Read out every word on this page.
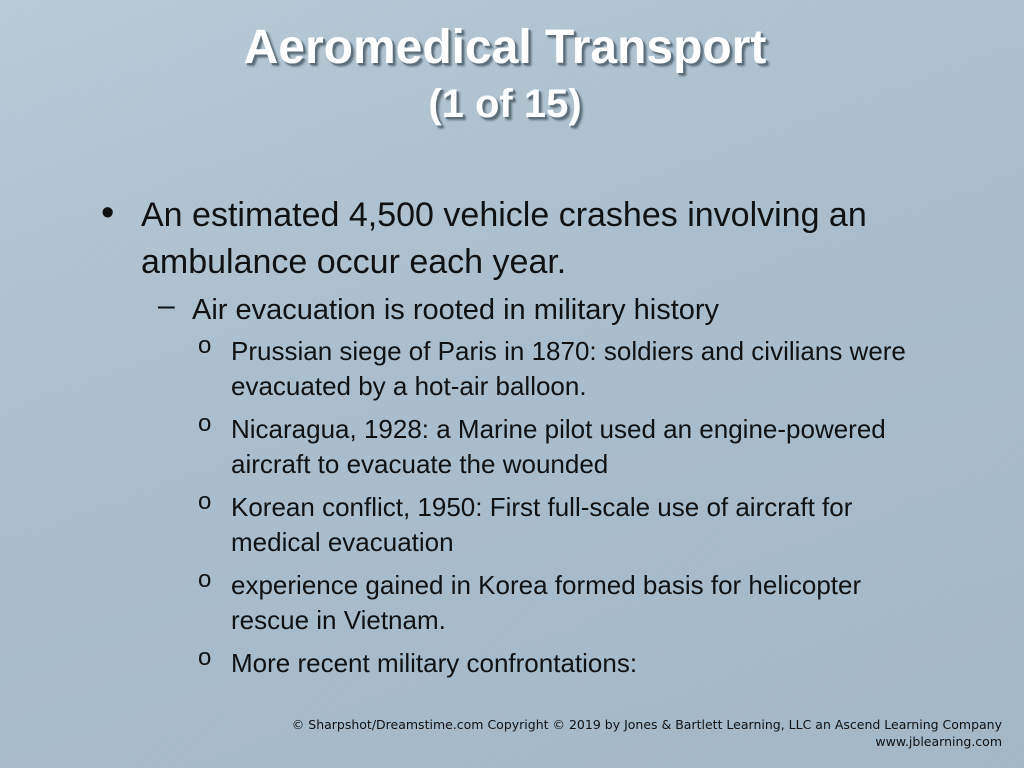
Aeromedical Transport
(1 of 15)
• An estimated 4,500 vehicle crashes involving an ambulance occur each year.
– Air evacuation is rooted in military history
o Prussian siege of Paris in 1870: soldiers and civilians were evacuated by a hot-air balloon.
o Nicaragua, 1928: a Marine pilot used an engine-powered aircraft to evacuate the wounded
o Korean conflict, 1950: First full-scale use of aircraft for medical evacuation
o experience gained in Korea formed basis for helicopter rescue in Vietnam.
o More recent military confrontations:
© Sharpshot/Dreamstime.com Copyright © 2019 by Jones & Bartlett Learning, LLC an Ascend Learning Company
www.jblearning.com
